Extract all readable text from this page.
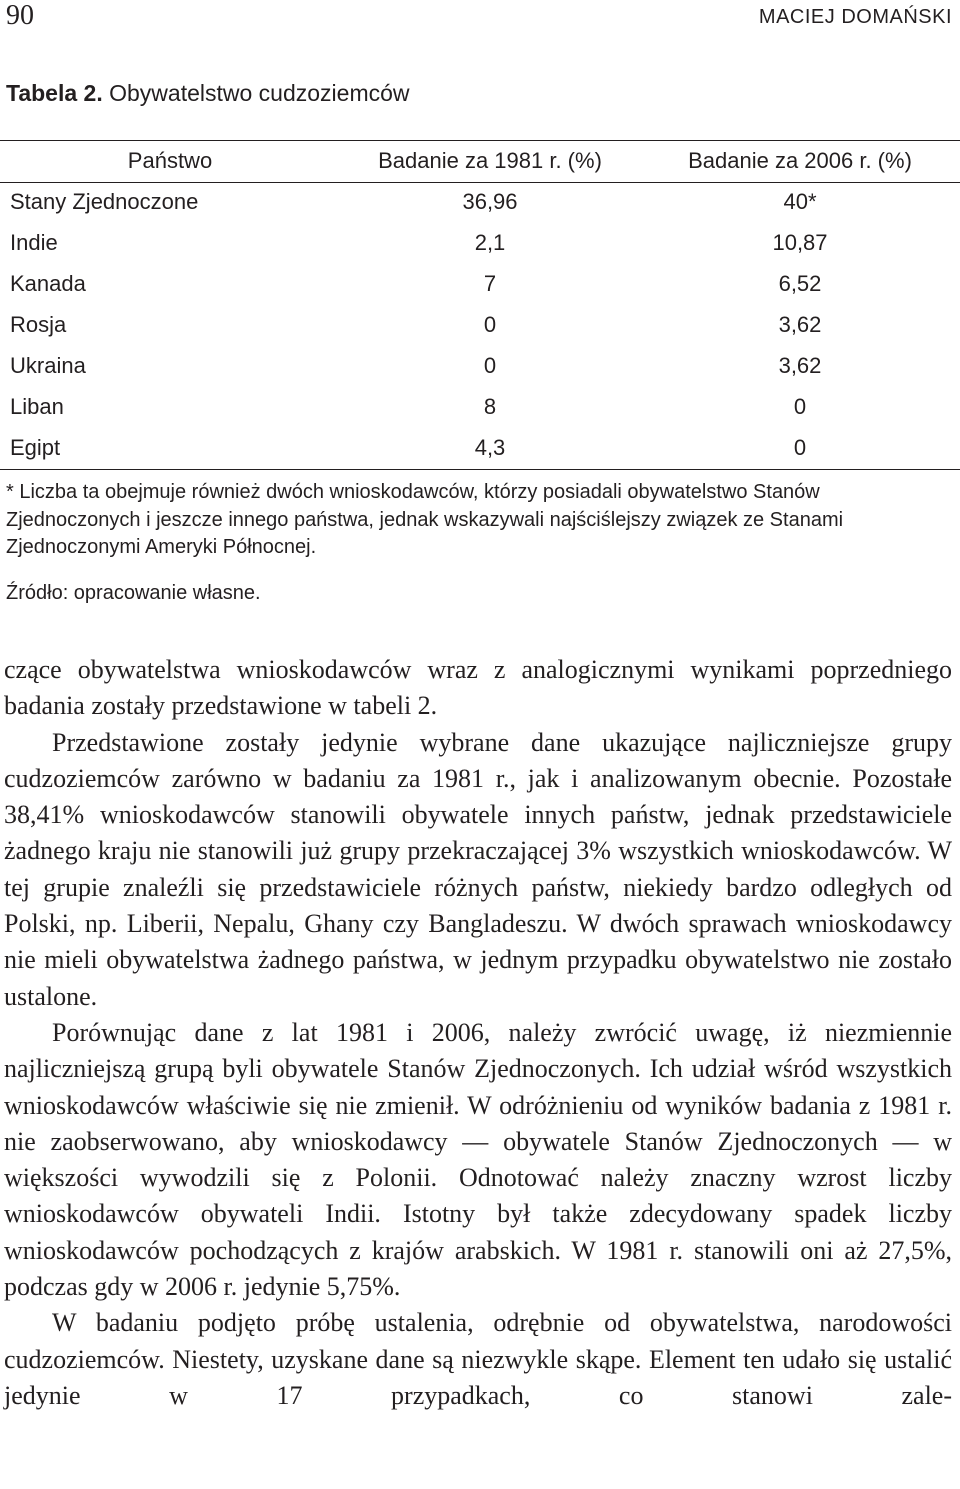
90	MACIEJ DOMAŃSKI
Tabela 2. Obywatelstwo cudzoziemców
Państwo	Badanie za 1981 r. (%)	Badanie za 2006 r. (%)
Stany Zjednoczone	36,96	40*
Indie	2,1	10,87
Kanada	7	6,52
Rosja	0	3,62
Ukraina	0	3,62
Liban	8	0
Egipt	4,3	0
* Liczba ta obejmuje również dwóch wnioskodawców, którzy posiadali obywatelstwo Stanów Zjednoczonych i jeszcze innego państwa, jednak wskazywali najściślejszy związek ze Stanami Zjednoczonymi Ameryki Północnej.
Źródło: opracowanie własne.

czące obywatelstwa wnioskodawców wraz z analogicznymi wynikami poprzedniego badania zostały przedstawione w tabeli 2.

Przedstawione zostały jedynie wybrane dane ukazujące najliczniejsze grupy cudzoziemców zarówno w badaniu za 1981 r., jak i analizowanym obecnie. Pozostałe 38,41% wnioskodawców stanowili obywatele innych państw, jednak przedstawiciele żadnego kraju nie stanowili już grupy przekraczającej 3% wszystkich wnioskodawców. W tej grupie znaleźli się przedstawiciele różnych państw, niekiedy bardzo odległych od Polski, np. Liberii, Nepalu, Ghany czy Bangladeszu. W dwóch sprawach wnioskodawcy nie mieli obywatelstwa żadnego państwa, w jednym przypadku obywatelstwo nie zostało ustalone.

Porównując dane z lat 1981 i 2006, należy zwrócić uwagę, iż niezmiennie najliczniejszą grupą byli obywatele Stanów Zjednoczonych. Ich udział wśród wszystkich wnioskodawców właściwie się nie zmienił. W odróżnieniu od wyników badania z 1981 r. nie zaobserwowano, aby wnioskodawcy — obywatele Stanów Zjednoczonych — w większości wywodzili się z Polonii. Odnotować należy znaczny wzrost liczby wnioskodawców obywateli Indii. Istotny był także zdecydowany spadek liczby wnioskodawców pochodzących z krajów arabskich. W 1981 r. stanowili oni aż 27,5%, podczas gdy w 2006 r. jedynie 5,75%.

W badaniu podjęto próbę ustalenia, odrębnie od obywatelstwa, narodowości cudzoziemców. Niestety, uzyskane dane są niezwykle skąpe. Element ten udało się ustalić jedynie w 17 przypadkach, co stanowi zale-
